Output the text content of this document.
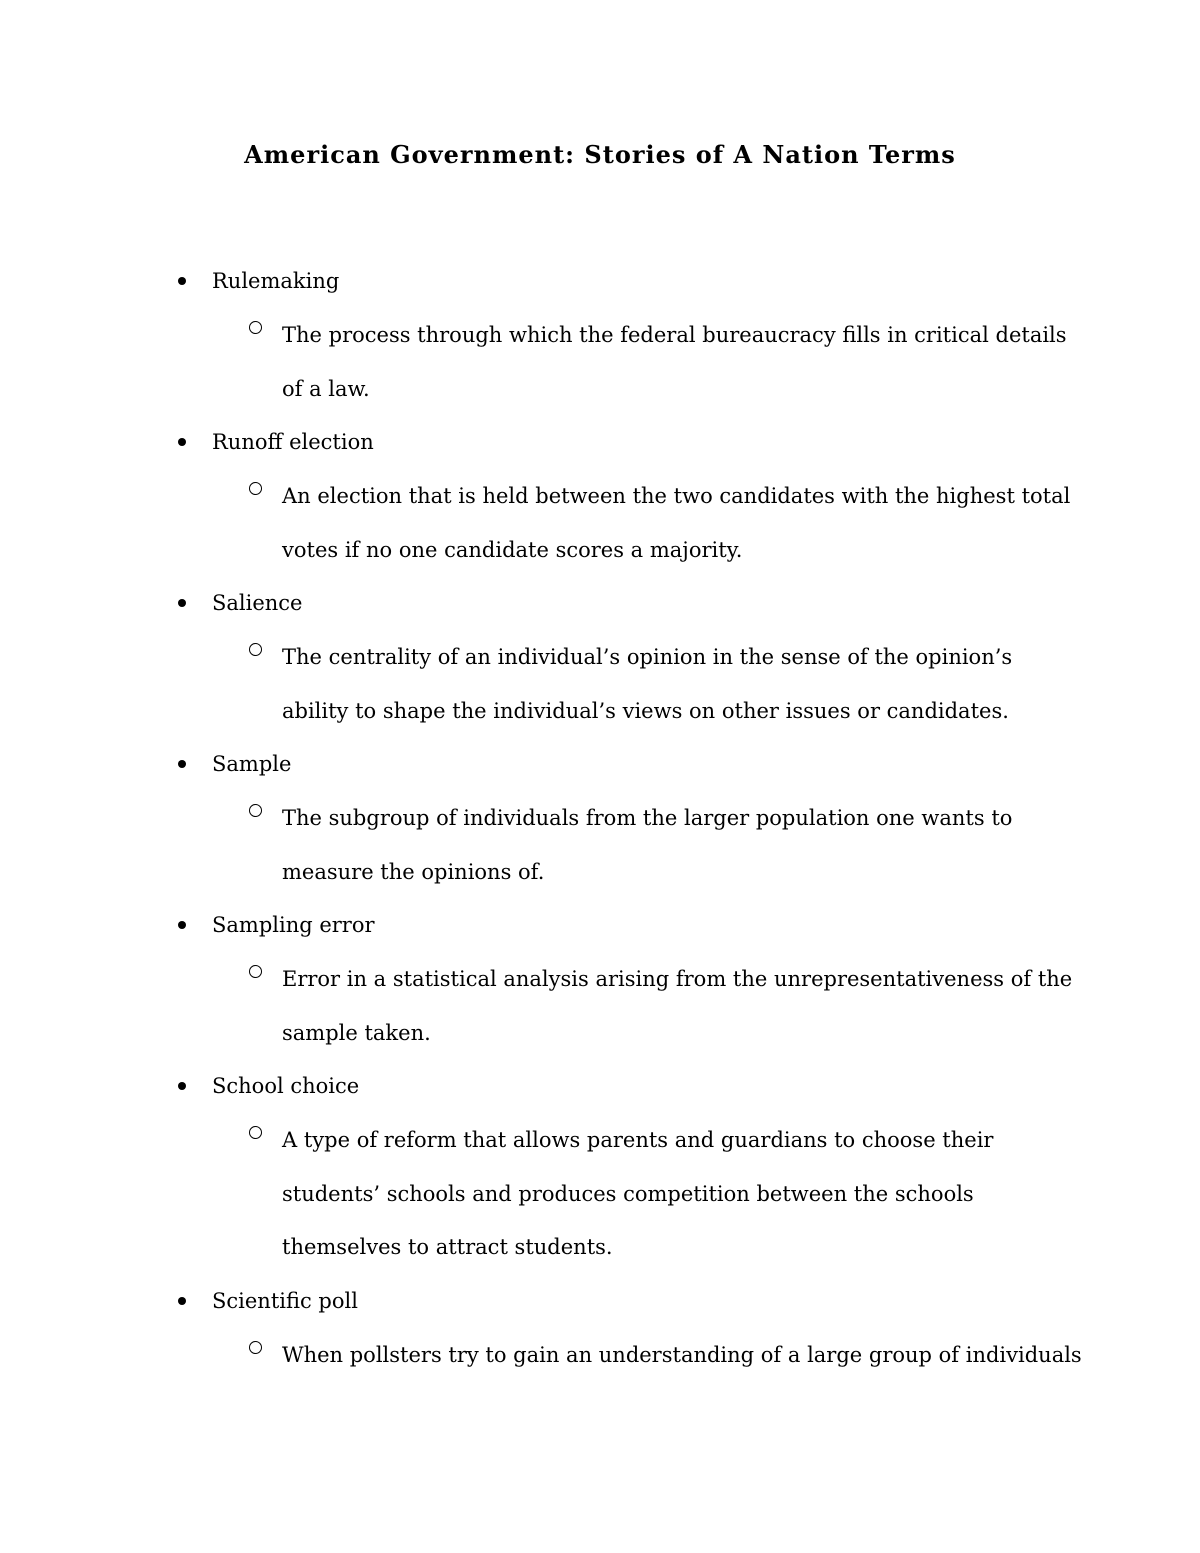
American Government: Stories of A Nation Terms
Rulemaking
The process through which the federal bureaucracy fills in critical details
of a law.
Runoff election
An election that is held between the two candidates with the highest total
votes if no one candidate scores a majority.
Salience
The centrality of an individual’s opinion in the sense of the opinion’s
ability to shape the individual’s views on other issues or candidates.
Sample
The subgroup of individuals from the larger population one wants to
measure the opinions of.
Sampling error
Error in a statistical analysis arising from the unrepresentativeness of the
sample taken.
School choice
A type of reform that allows parents and guardians to choose their
students’ schools and produces competition between the schools
themselves to attract students.
Scientific poll
When pollsters try to gain an understanding of a large group of individuals
